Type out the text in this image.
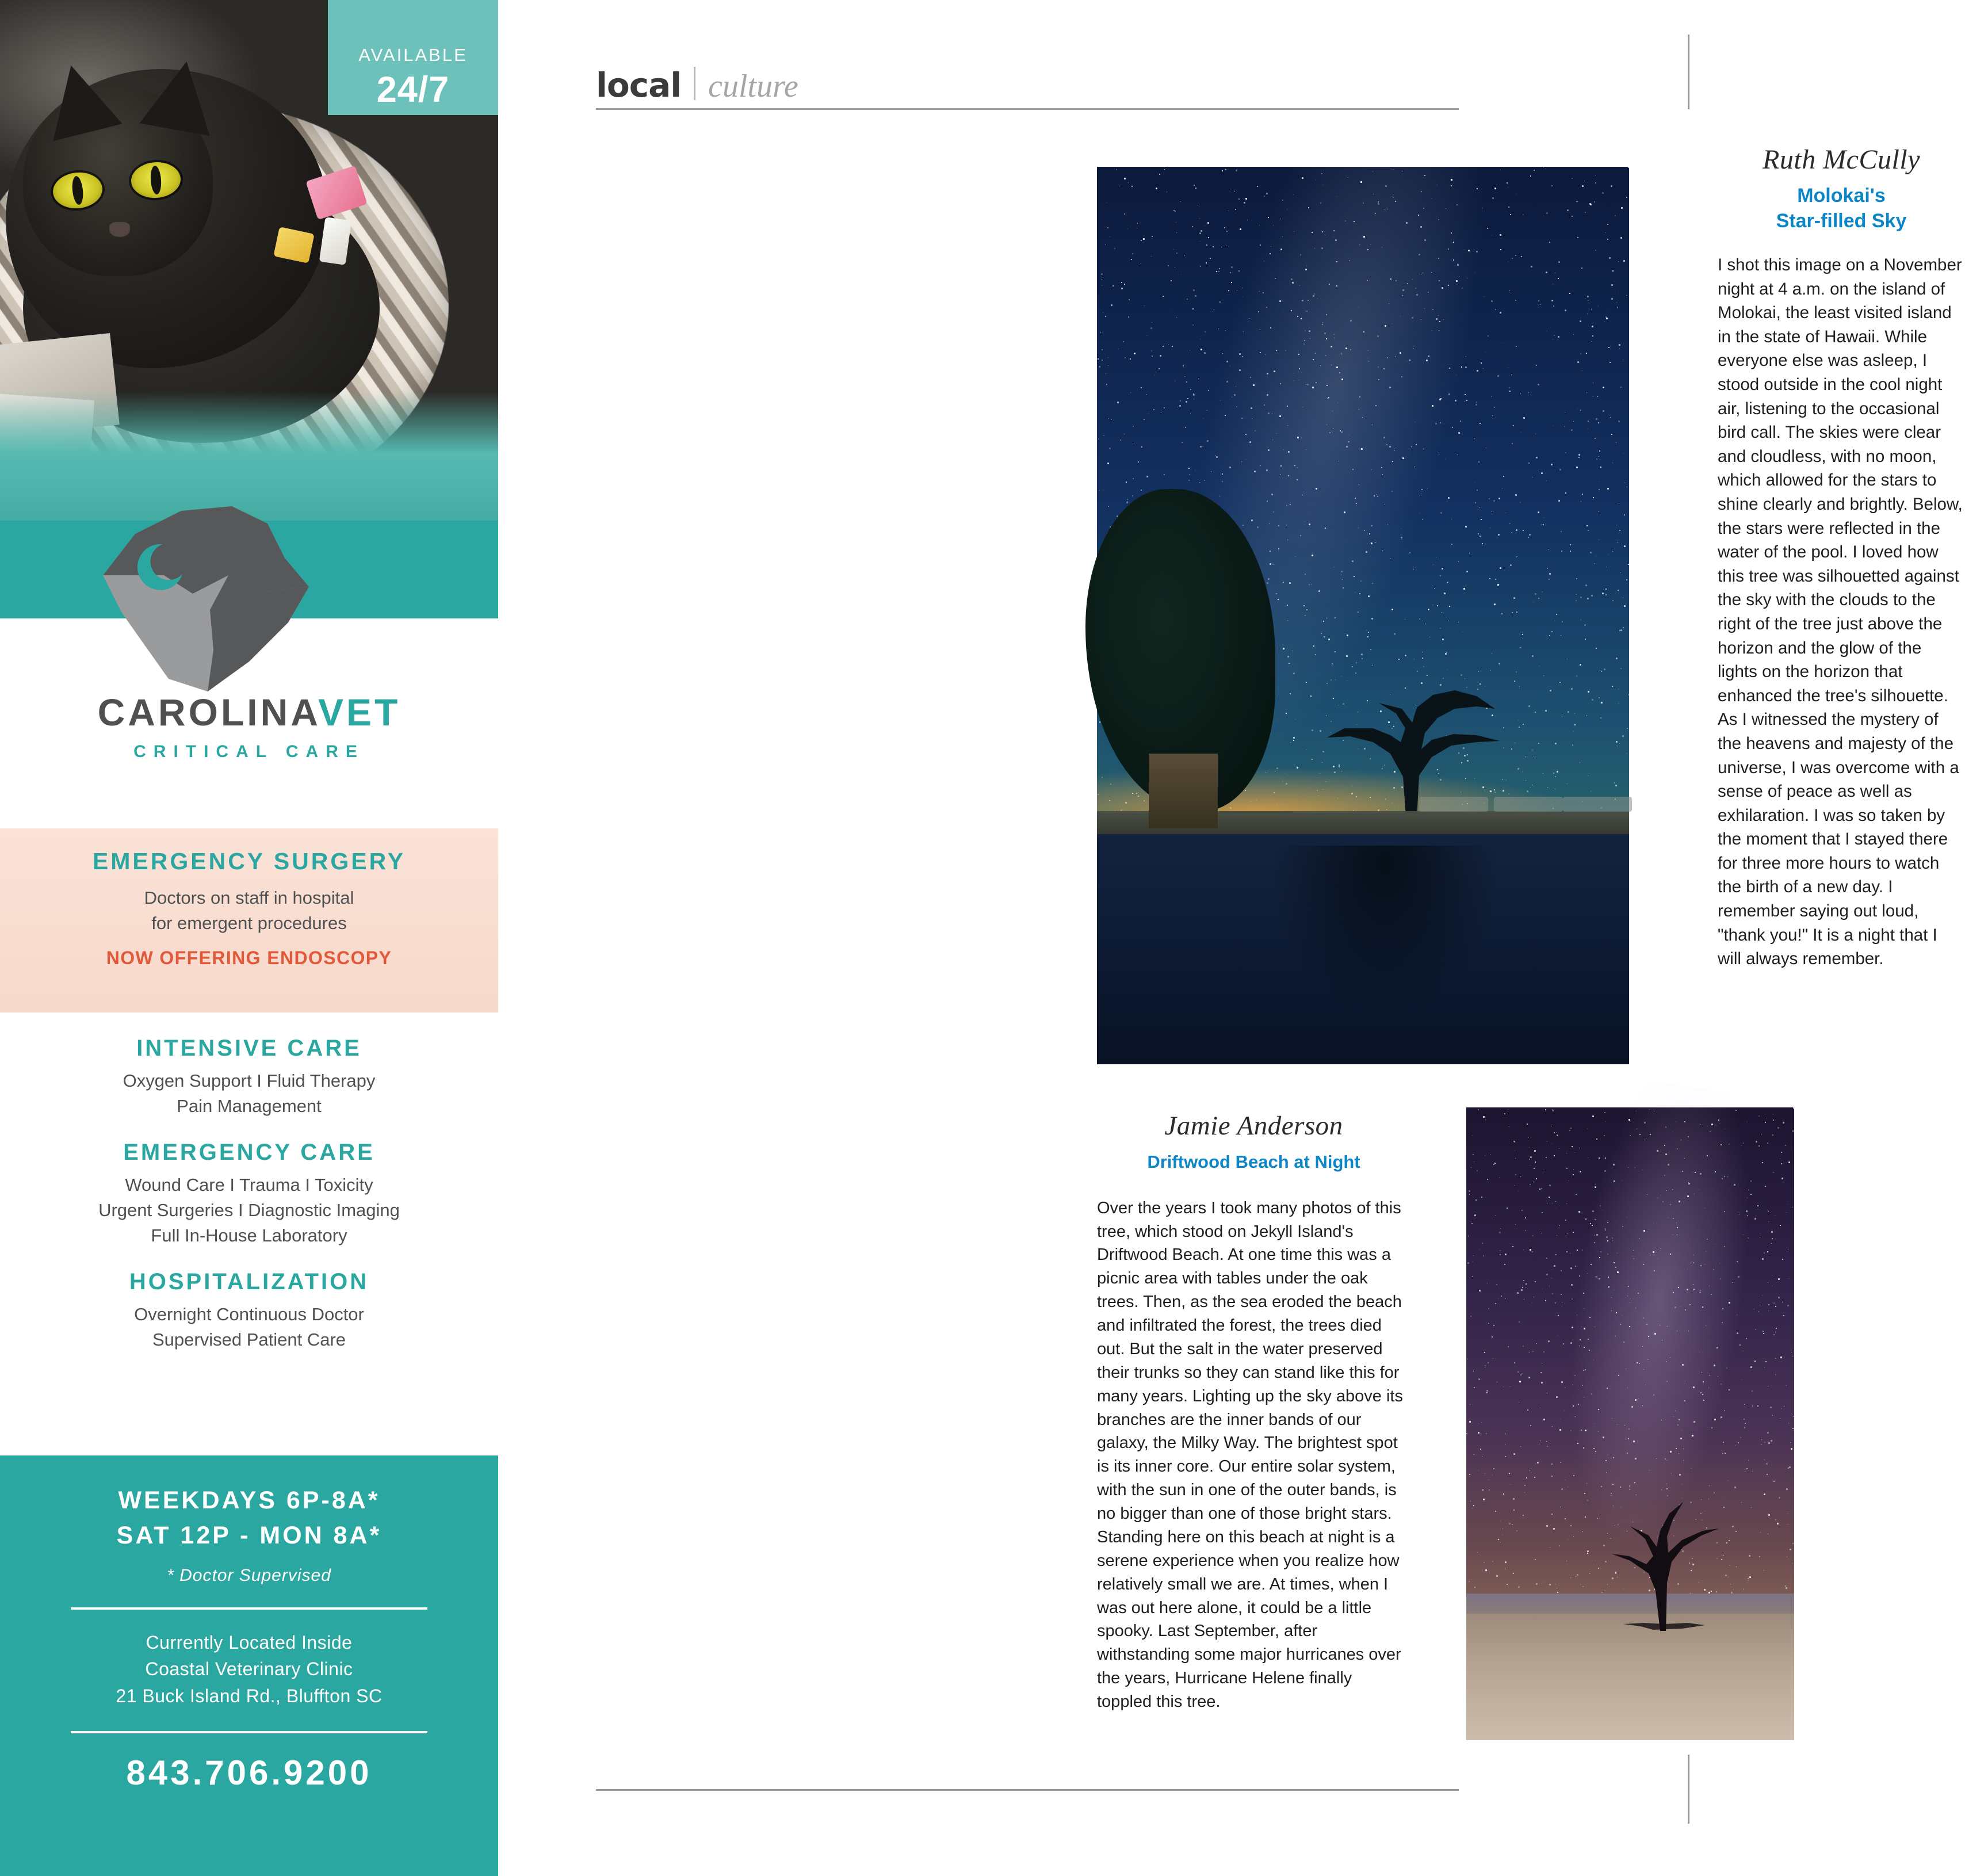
AVAILABLE
24/7
CAROLINAVET
CRITICAL CARE
EMERGENCY SURGERY
Doctors on staff in hospital
for emergent procedures
NOW OFFERING ENDOSCOPY
INTENSIVE CARE
Oxygen Support I Fluid Therapy
Pain Management
EMERGENCY CARE
Wound Care I Trauma I Toxicity
Urgent Surgeries I Diagnostic Imaging
Full In-House Laboratory
HOSPITALIZATION
Overnight Continuous Doctor
Supervised Patient Care
WEEKDAYS 6P-8A*
SAT 12P - MON 8A*
* Doctor Supervised
Currently Located Inside
Coastal Veterinary Clinic
21 Buck Island Rd., Bluffton SC
843.706.9200
local culture
Ruth McCully
Molokai's
Star-filled Sky
I shot this image on a November night at 4 a.m. on the island of Molokai, the least visited island in the state of Hawaii. While everyone else was asleep, I stood outside in the cool night air, listening to the occasional bird call. The skies were clear and cloudless, with no moon, which allowed for the stars to shine clearly and brightly. Below, the stars were reflected in the water of the pool. I loved how this tree was silhouetted against the sky with the clouds to the right of the tree just above the horizon and the glow of the lights on the horizon that enhanced the tree's silhouette. As I witnessed the mystery of the heavens and majesty of the universe, I was overcome with a sense of peace as well as exhilaration. I was so taken by the moment that I stayed there for three more hours to watch the birth of a new day. I remember saying out loud, "thank you!" It is a night that I will always remember.
Jamie Anderson
Driftwood Beach at Night
Over the years I took many photos of this tree, which stood on Jekyll Island's Driftwood Beach. At one time this was a picnic area with tables under the oak trees. Then, as the sea eroded the beach and infiltrated the forest, the trees died out. But the salt in the water preserved their trunks so they can stand like this for many years. Lighting up the sky above its branches are the inner bands of our galaxy, the Milky Way. The brightest spot is its inner core. Our entire solar system, with the sun in one of the outer bands, is no bigger than one of those bright stars. Standing here on this beach at night is a serene experience when you realize how relatively small we are. At times, when I was out here alone, it could be a little spooky. Last September, after withstanding some major hurricanes over the years, Hurricane Helene finally toppled this tree.
